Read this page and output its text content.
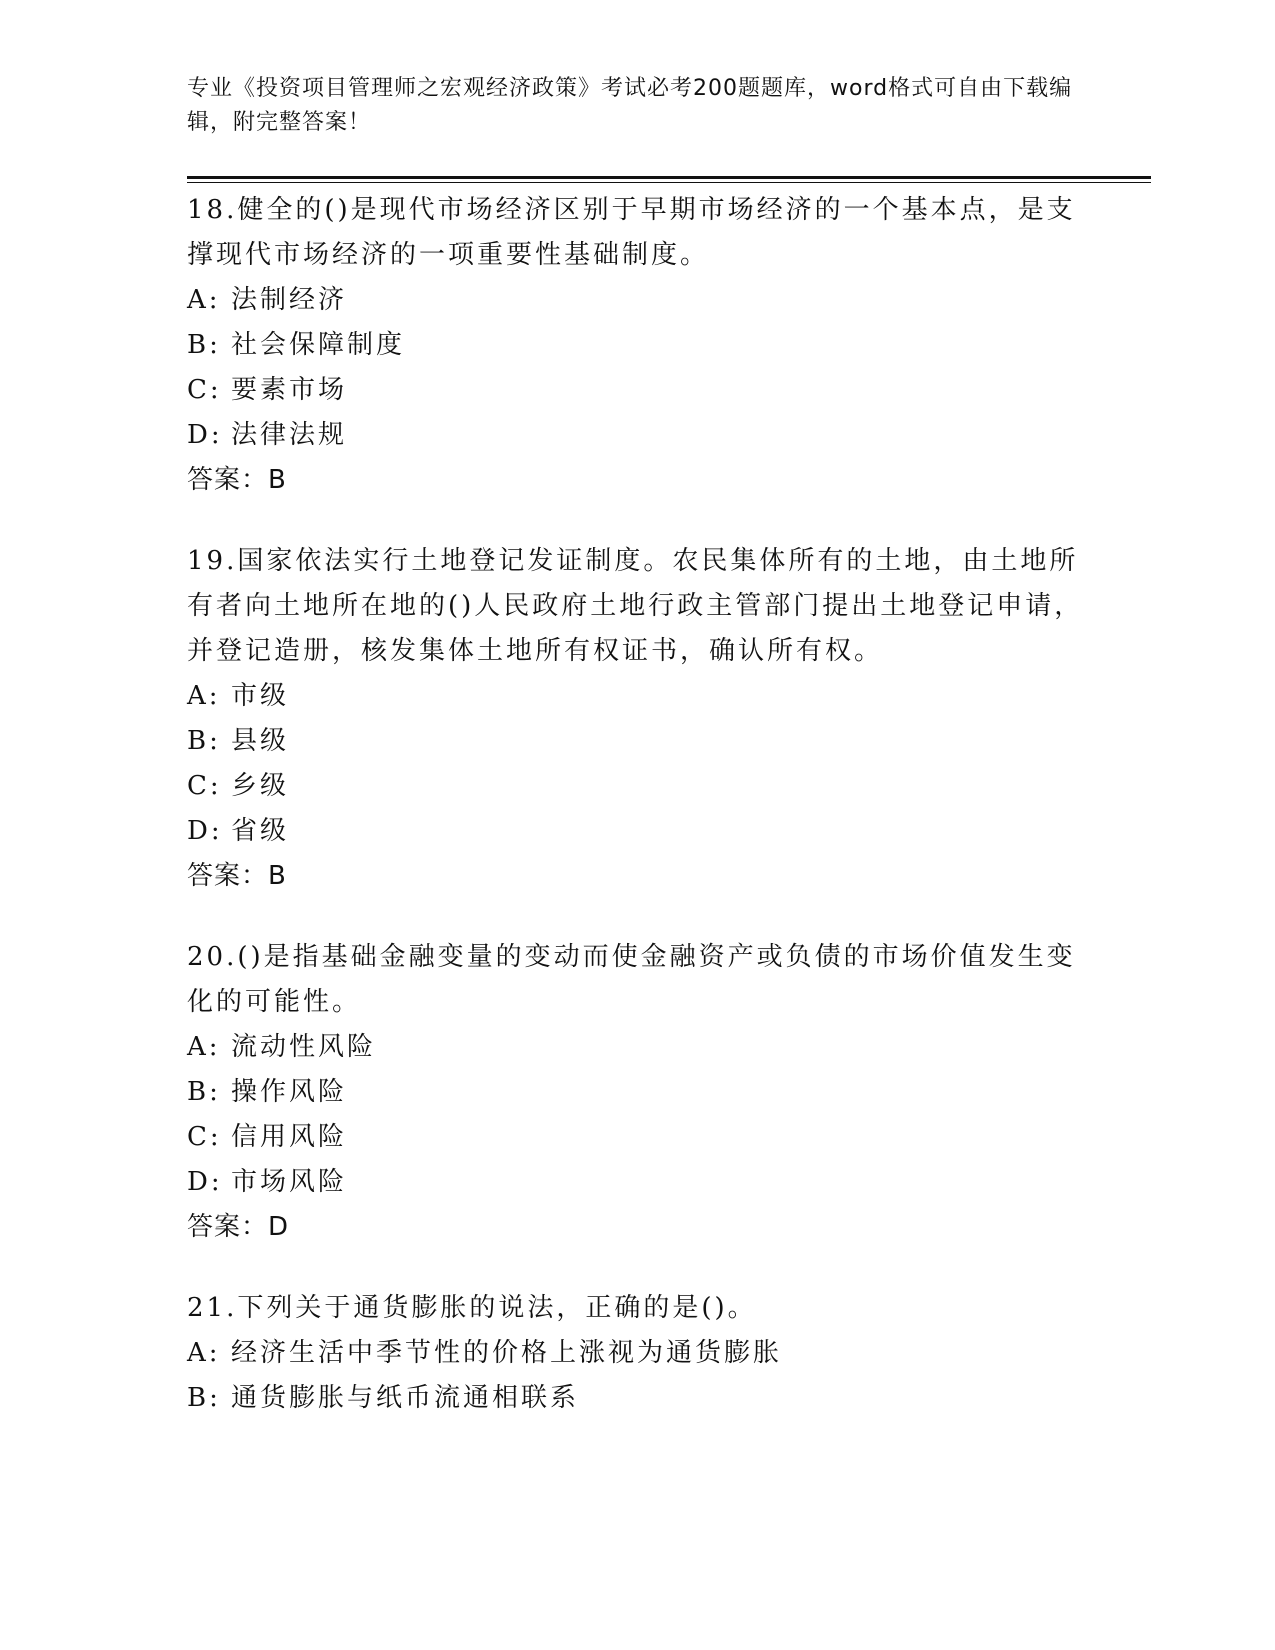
专业《投资项目管理师之宏观经济政策》考试必考200题题库，word格式可自由下载编辑，附完整答案！

18.健全的()是现代市场经济区别于早期市场经济的一个基本点，是支撑现代市场经济的一项重要性基础制度。

A: 法制经济

B: 社会保障制度

C: 要素市场

D: 法律法规

答案：B

19.国家依法实行土地登记发证制度。农民集体所有的土地，由土地所有者向土地所在地的()人民政府土地行政主管部门提出土地登记申请，并登记造册，核发集体土地所有权证书，确认所有权。

A: 市级

B: 县级

C: 乡级

D: 省级

答案：B

20.()是指基础金融变量的变动而使金融资产或负债的市场价值发生变化的可能性。

A: 流动性风险

B: 操作风险

C: 信用风险

D: 市场风险

答案：D

21.下列关于通货膨胀的说法，正确的是()。

A: 经济生活中季节性的价格上涨视为通货膨胀

B: 通货膨胀与纸币流通相联系
